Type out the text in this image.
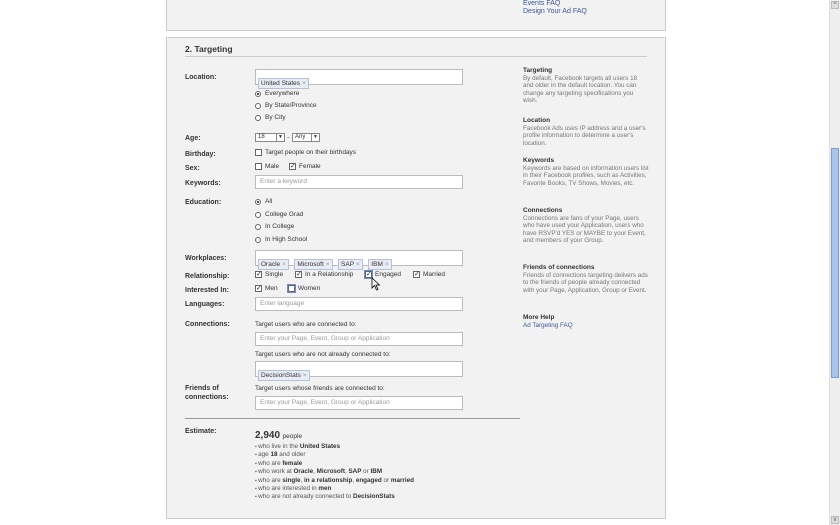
Events FAQ
Design Your Ad FAQ
2. Targeting
Location:
United States ×
Everywhere
By State/Province
By City
Age:	18	▼ - Any	▼
Birthday:	Target people on their birthdays
Sex:	Male ✓ Female
Keywords:	Enter a keyword
Education:	All
College Grad
In College
In High School
Workplaces:
Oracle × Microsoft × SAP × IBM ×
Relationship:	✓ Single ✓ In a Relationship ✓ Engaged ✓ Married
Interested In:	✓ Men	Women
Languages:	Enter language
Connections:	Target users who are connected to:
Enter your Page, Event, Group or Application
Target users who are not already connected to:
DecisionStats ×
Friends of
connections:
Target users whose friends are connected to:
Enter your Page, Event, Group or Application
Estimate:	2,940 people
▪ who live in the United States
▪ age 18 and older
▪ who are female
▪ who work at Oracle, Microsoft, SAP or IBM
▪ who are single, in a relationship, engaged or married
▪ who are interested in men
▪ who are not already connected to DecisionStats
Targeting
By default, Facebook targets all users 18 and older in the default location. You can change any targeting specifications you wish.
Location
Facebook Ads uses IP address and a user's profile information to determine a user's location.
Keywords
Keywords are based on information users list in their Facebook profiles, such as Activities, Favorite Books, TV Shows, Movies, etc.
Connections
Connections are fans of your Page, users who have used your Application, users who have RSVP'd YES or MAYBE to your Event, and members of your Group.
Friends of connections
Friends of connections targeting delivers ads to the friends of people already connected with your Page, Application, Group or Event.
More Help
Ad Targeting FAQ
^
v
